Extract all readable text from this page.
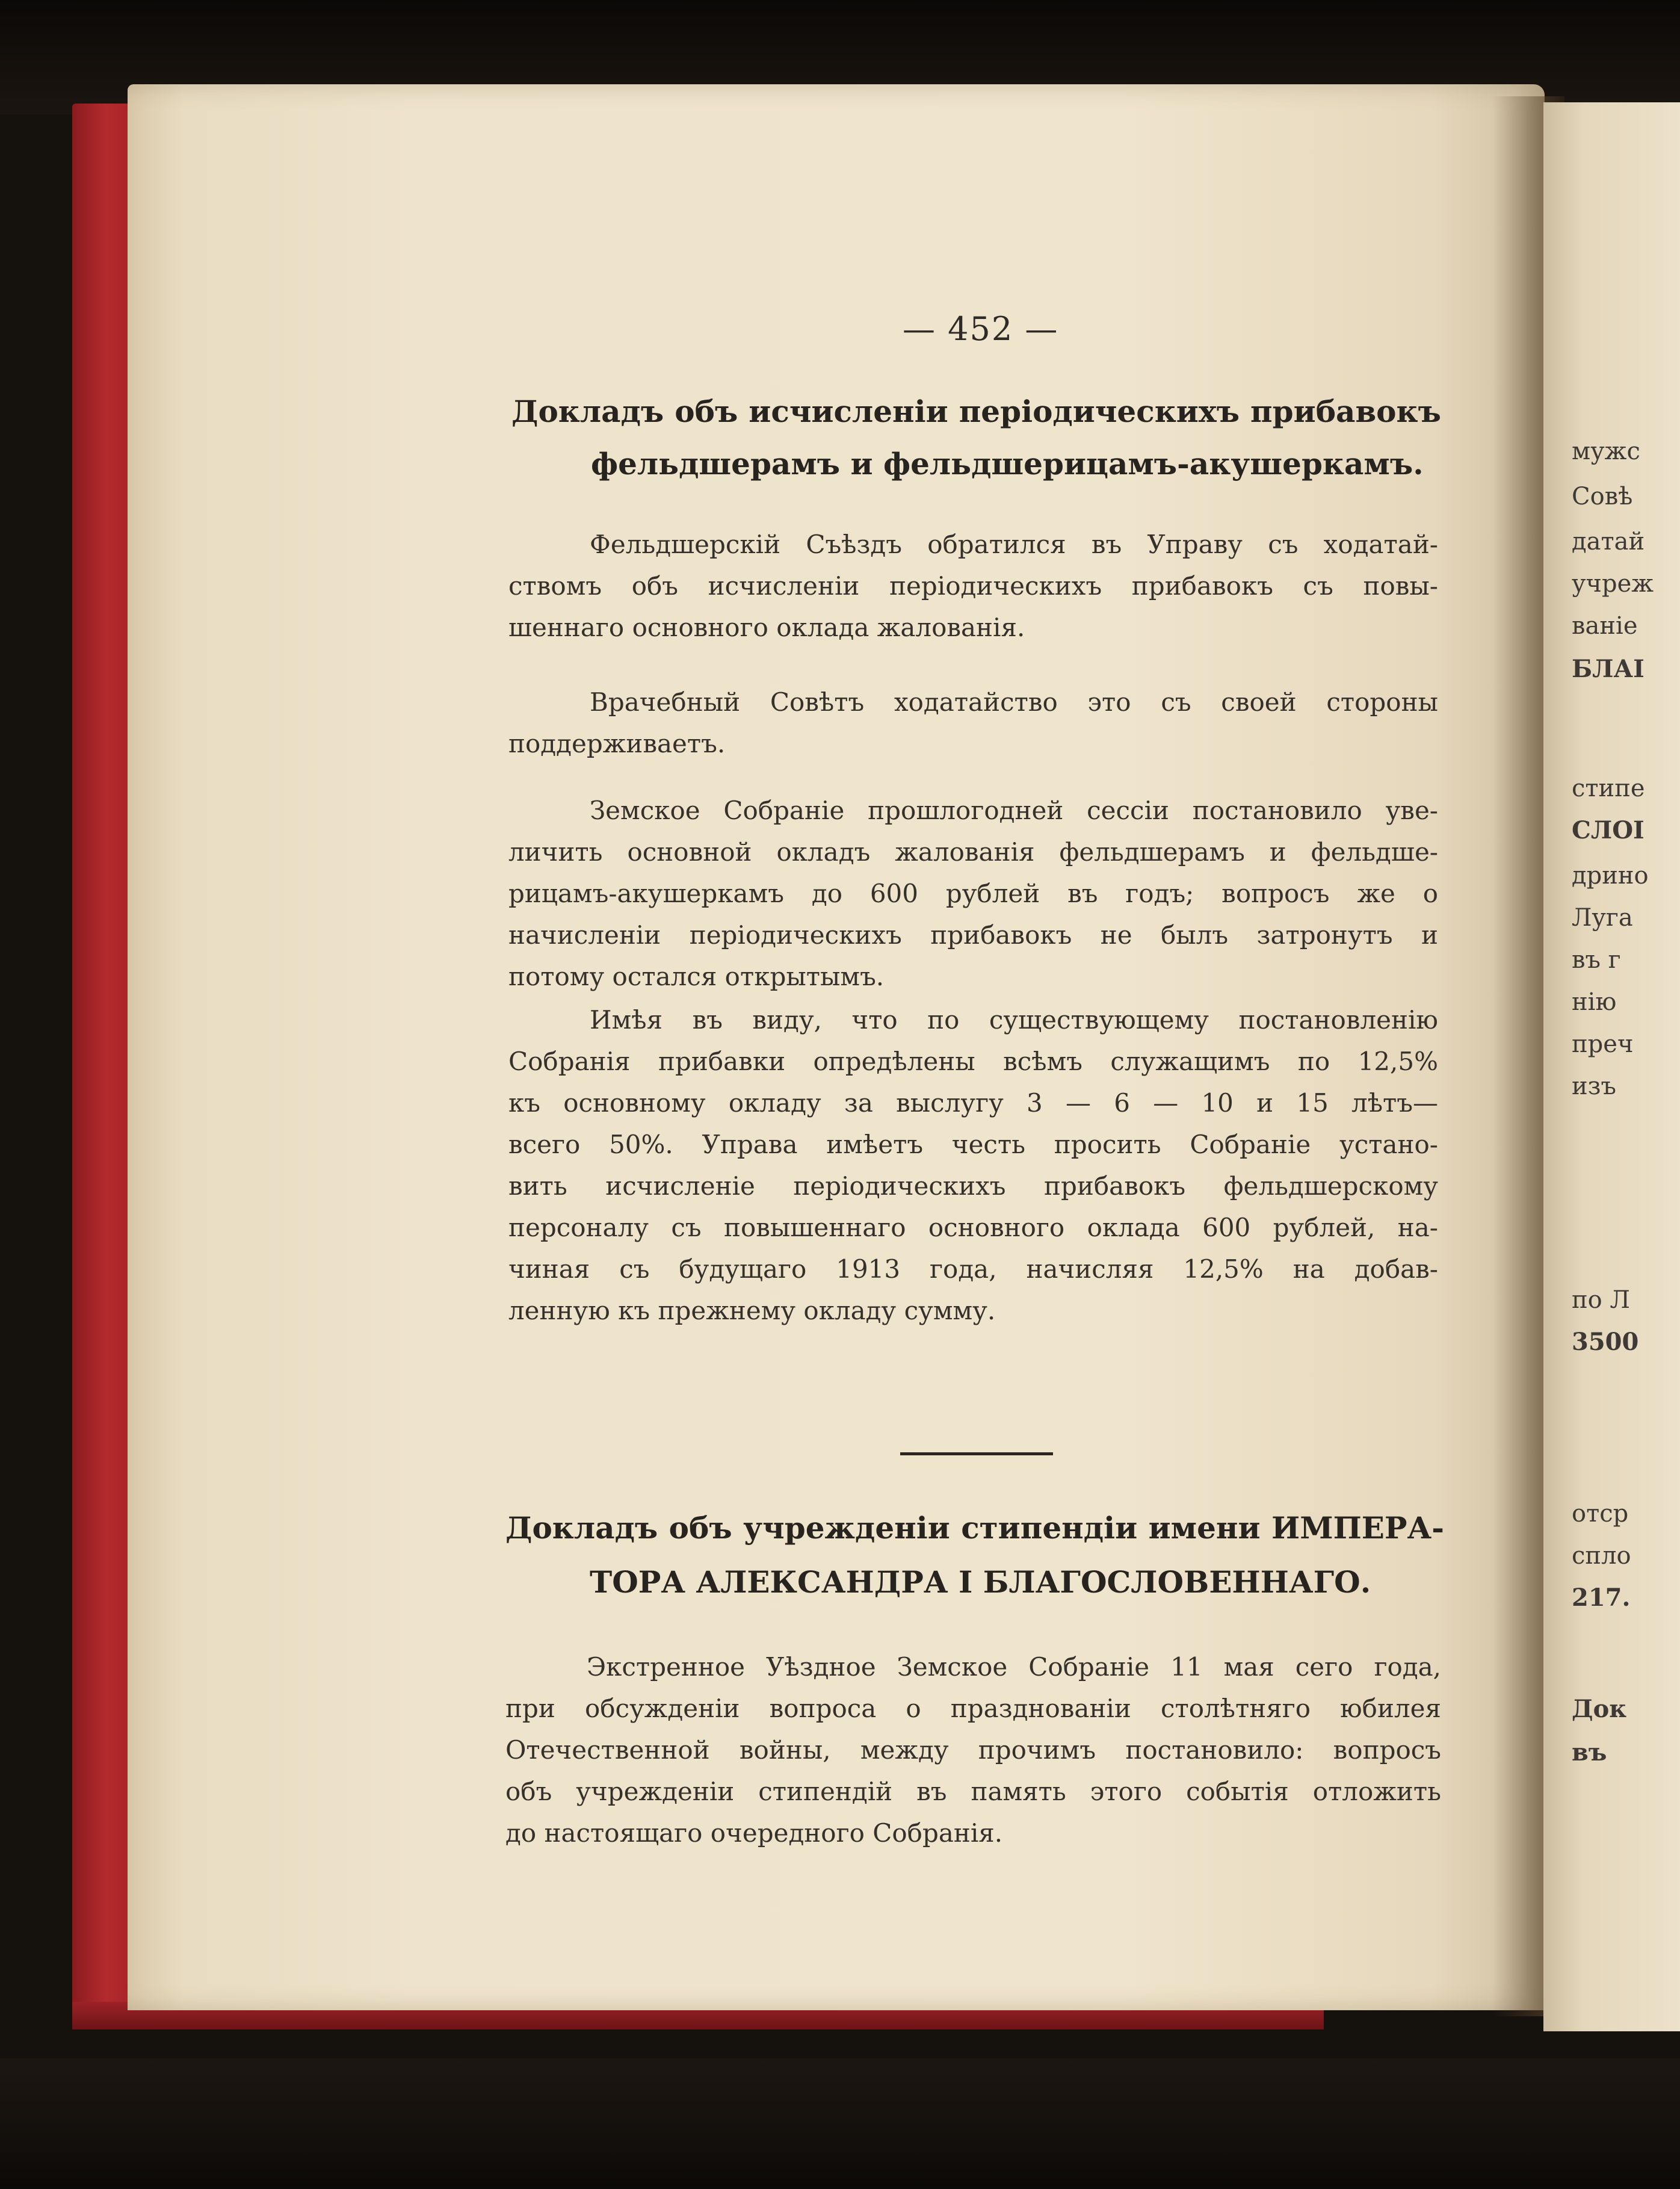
мужс
Совѣ
датай
учреж
ваніе
БЛАІ
стипе
СЛОІ
дрино
Луга
въ г
нію
преч
изъ
по Л
3500
отср
сплo
217.
Док
въ
— 452 —
Докладъ объ исчисленіи періодическихъ прибавокъ
фельдшерамъ и фельдшерицамъ-акушеркамъ.
Фельдшерскій Съѣздъ обратился въ Управу съ ходатай-
ствомъ объ исчисленіи періодическихъ прибавокъ съ повы-
шеннаго основного оклада жалованія.
Врачебный Совѣтъ ходатайство это съ своей стороны
поддерживаетъ.
Земское Собраніе прошлогодней сессіи постановило уве-
личить основной окладъ жалованія фельдшерамъ и фельдше-
рицамъ-акушеркамъ до 600 рублей въ годъ; вопросъ же о
начисленіи періодическихъ прибавокъ не былъ затронутъ и
потому остался открытымъ.
Имѣя въ виду, что по существующему постановленію
Собранія прибавки опредѣлены всѣмъ служащимъ по 12,5%
къ основному окладу за выслугу 3 — 6 — 10 и 15 лѣтъ—
всего 50%. Управа имѣетъ честь просить Собраніе устано-
вить исчисленіе періодическихъ прибавокъ фельдшерскому
персоналу съ повышеннаго основного оклада 600 рублей, на-
чиная съ будущаго 1913 года, начисляя 12,5% на добав-
ленную къ прежнему окладу сумму.
Докладъ объ учрежденіи стипендіи имени ИМПЕРА-
ТОРА АЛЕКСАНДРА I БЛАГОСЛОВЕННАГО.
Экстренное Уѣздное Земское Собраніе 11 мая сего года,
при обсужденіи вопроса о празднованіи столѣтняго юбилея
Отечественной войны, между прочимъ постановило: вопросъ
объ учрежденіи стипендій въ память этого событія отложить
до настоящаго очередного Собранія.
